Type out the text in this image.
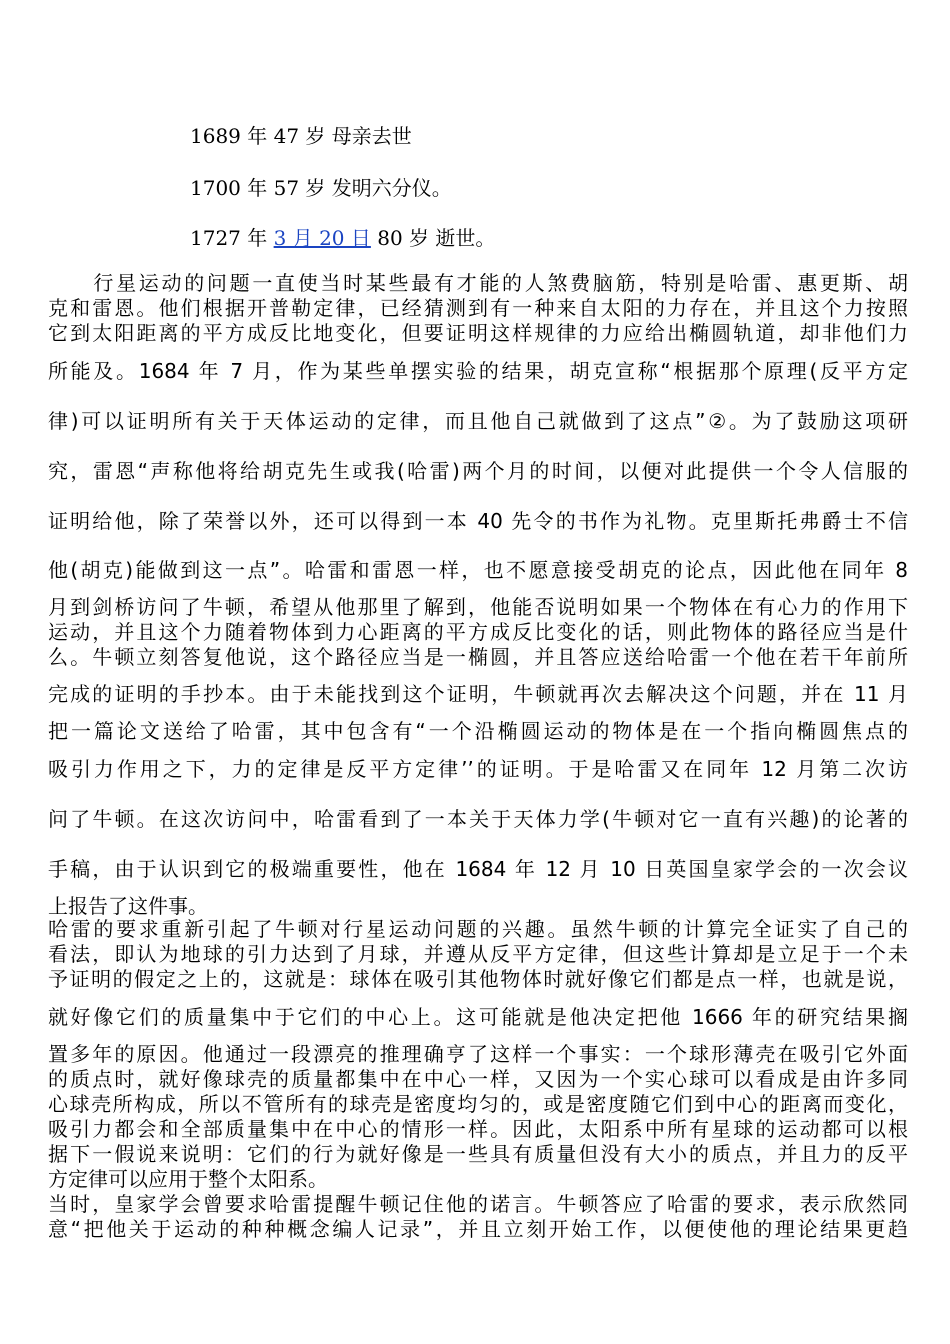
1689 年 47 岁 母亲去世
1700 年 57 岁 发明六分仪。
1727 年 3 月 20 日 80 岁 逝世。
　　行星运动的问题一直使当时某些最有才能的人煞费脑筋，特别是哈雷、惠更斯、胡
克和雷恩。他们根据开普勒定律，已经猜测到有一种来自太阳的力存在，并且这个力按照
它到太阳距离的平方成反比地变化，但要证明这样规律的力应给出椭圆轨道，却非他们力
所能及。1684 年 7 月，作为某些单摆实验的结果，胡克宣称“根据那个原理(反平方定
律)可以证明所有关于天体运动的定律，而且他自己就做到了这点”②。为了鼓励这项研
究，雷恩“声称他将给胡克先生或我(哈雷)两个月的时间，以便对此提供一个令人信服的
证明给他，除了荣誉以外，还可以得到一本 40 先令的书作为礼物。克里斯托弗爵士不信
他(胡克)能做到这一点”。哈雷和雷恩一样，也不愿意接受胡克的论点，因此他在同年 8
月到剑桥访问了牛顿，希望从他那里了解到，他能否说明如果一个物体在有心力的作用下
运动，并且这个力随着物体到力心距离的平方成反比变化的话，则此物体的路径应当是什
么。牛顿立刻答复他说，这个路径应当是一椭圆，并且答应送给哈雷一个他在若干年前所
完成的证明的手抄本。由于未能找到这个证明，牛顿就再次去解决这个问题，并在 11 月
把一篇论文送给了哈雷，其中包含有“一个沿椭圆运动的物体是在一个指向椭圆焦点的
吸引力作用之下，力的定律是反平方定律’’的证明。于是哈雷又在同年 12 月第二次访
问了牛顿。在这次访问中，哈雷看到了一本关于天体力学(牛顿对它一直有兴趣)的论著的
手稿，由于认识到它的极端重要性，他在 1684 年 12 月 10 日英国皇家学会的一次会议
上报告了这件事。
哈雷的要求重新引起了牛顿对行星运动问题的兴趣。虽然牛顿的计算完全证实了自己的
看法，即认为地球的引力达到了月球，并遵从反平方定律，但这些计算却是立足于一个未
予证明的假定之上的，这就是：球体在吸引其他物体时就好像它们都是点一样，也就是说，
就好像它们的质量集中于它们的中心上。这可能就是他决定把他 1666 年的研究结果搁
置多年的原因。他通过一段漂亮的推理确亨了这样一个事实：一个球形薄壳在吸引它外面
的质点时，就好像球壳的质量都集中在中心一样，又因为一个实心球可以看成是由许多同
心球壳所构成，所以不管所有的球壳是密度均匀的，或是密度随它们到中心的距离而变化，
吸引力都会和全部质量集中在中心的情形一样。因此，太阳系中所有星球的运动都可以根
据下一假说来说明：它们的行为就好像是一些具有质量但没有大小的质点，并且力的反平
方定律可以应用于整个太阳系。
当时，皇家学会曾要求哈雷提醒牛顿记住他的诺言。牛顿答应了哈雷的要求，表示欣然同
意“把他关于运动的种种概念编人记录”，并且立刻开始工作，以便使他的理论结果更趋
